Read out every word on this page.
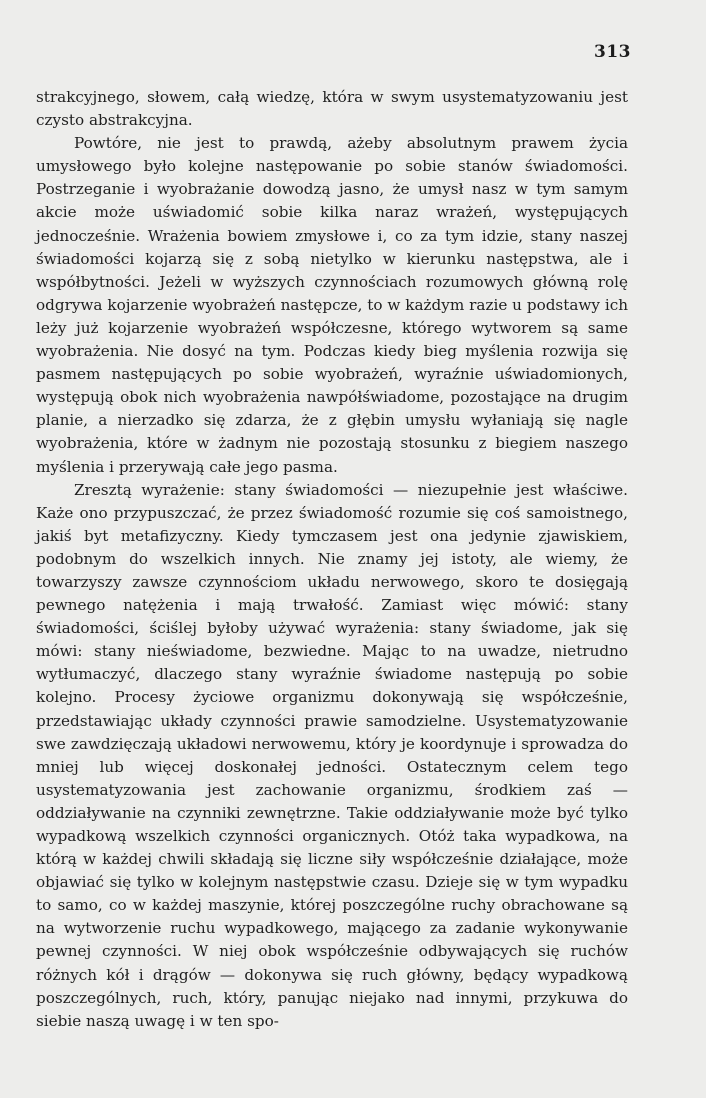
313

strakcyjnego, słowem, całą wiedzę, która w swym usystematyzowaniu jest czysto abstrakcyjna.

Powtóre, nie jest to prawdą, ażeby absolutnym prawem życia umysłowego było kolejne następowanie po sobie stanów świadomości. Postrzeganie i wyobrażanie dowodzą jasno, że umysł nasz w tym samym akcie może uświadomić sobie kilka naraz wrażeń, występujących jednocześnie. Wrażenia bowiem zmysłowe i, co za tym idzie, stany naszej świadomości kojarzą się z sobą nietylko w kierunku następstwa, ale i współbytności. Jeżeli w wyższych czynnościach rozumowych główną rolę odgrywa kojarzenie wyobrażeń następcze, to w każdym razie u podstawy ich leży już kojarzenie wyobrażeń współczesne, którego wytworem są same wyobrażenia. Nie dosyć na tym. Podczas kiedy bieg myślenia rozwija się pasmem następujących po sobie wyobrażeń, wyraźnie uświadomionych, występują obok nich wyobrażenia nawpółświadome, pozostające na drugim planie, a nierzadko się zdarza, że z głębin umysłu wyłaniają się nagle wyobrażenia, które w żadnym nie pozostają stosunku z biegiem naszego myślenia i przerywają całe jego pasma.

Zresztą wyrażenie: stany świadomości — niezupełnie jest właściwe. Każe ono przypuszczać, że przez świadomość rozumie się coś samoistnego, jakiś byt metafizyczny. Kiedy tymczasem jest ona jedynie zjawiskiem, podobnym do wszelkich innych. Nie znamy jej istoty, ale wiemy, że towarzyszy zawsze czynnościom układu nerwowego, skoro te dosięgają pewnego natężenia i mają trwałość. Zamiast więc mówić: stany świadomości, ściślej byłoby używać wyrażenia: stany świadome, jak się mówi: stany nieświadome, bezwiedne. Mając to na uwadze, nietrudno wytłumaczyć, dlaczego stany wyraźnie świadome następują po sobie kolejno. Procesy życiowe organizmu dokonywają się współcześnie, przedstawiając układy czynności prawie samodzielne. Usystematyzowanie swe zawdzięczają układowi nerwowemu, który je koordynuje i sprowadza do mniej lub więcej doskonałej jedności. Ostatecznym celem tego usystematyzowania jest zachowanie organizmu, środkiem zaś — oddziaływanie na czynniki zewnętrzne. Takie oddziaływanie może być tylko wypadkową wszelkich czynności organicznych. Otóż taka wypadkowa, na którą w każdej chwili składają się liczne siły współcześnie działające, może objawiać się tylko w kolejnym następstwie czasu. Dzieje się w tym wypadku to samo, co w każdej maszynie, której poszczególne ruchy obrachowane są na wytworzenie ruchu wypadkowego, mającego za zadanie wykonywanie pewnej czynności. W niej obok współcześnie odbywających się ruchów różnych kół i drągów — dokonywa się ruch główny, będący wypadkową poszczególnych, ruch, który, panując niejako nad innymi, przykuwa do siebie naszą uwagę i w ten spo-
